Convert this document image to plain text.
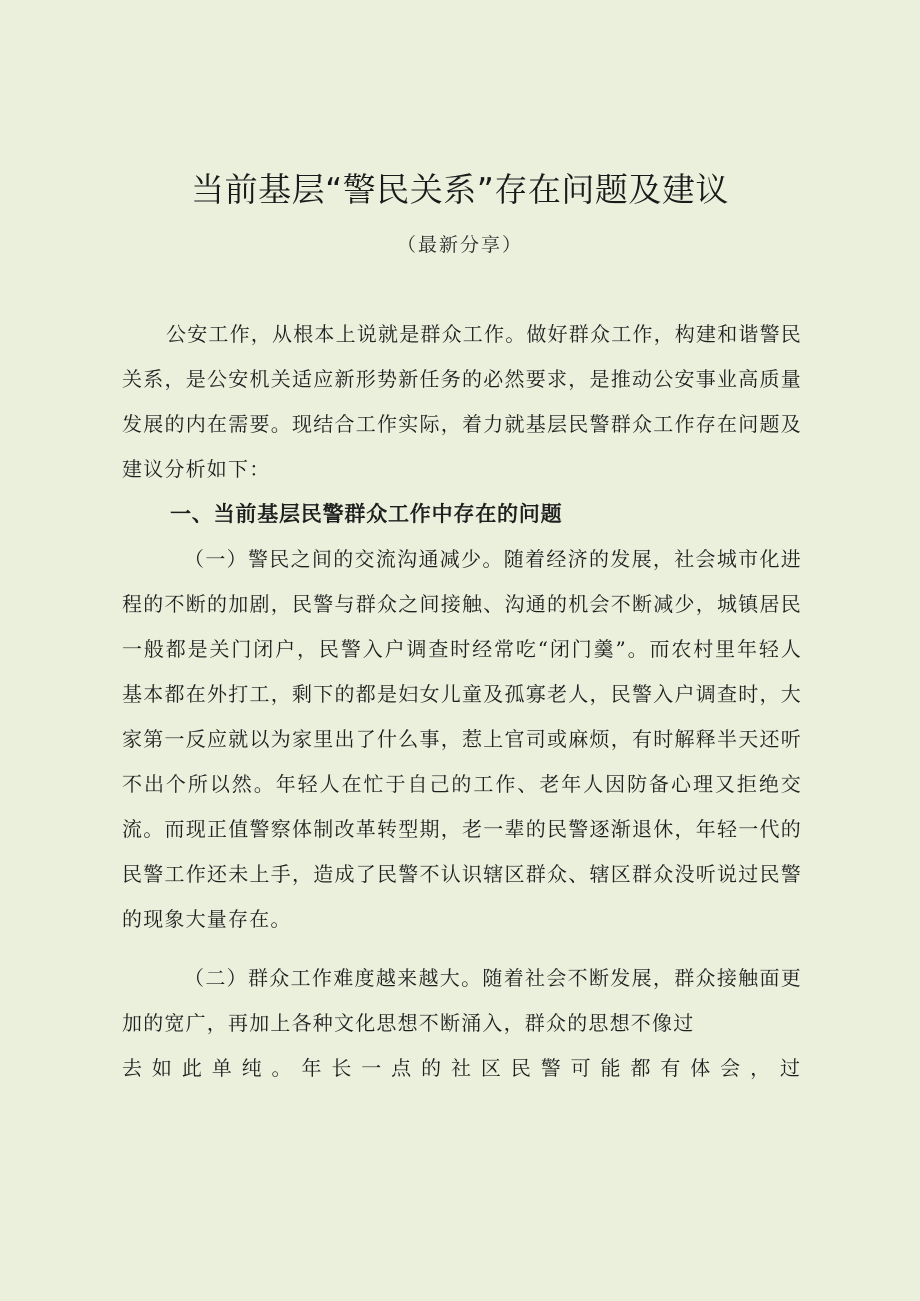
当前基层“警民关系”存在问题及建议

（最新分享）

公安工作，从根本上说就是群众工作。做好群众工作，构建和谐警民关系，是公安机关适应新形势新任务的必然要求，是推动公安事业高质量发展的内在需要。现结合工作实际，着力就基层民警群众工作存在问题及建议分析如下：

一、当前基层民警群众工作中存在的问题

（一）警民之间的交流沟通减少。随着经济的发展，社会城市化进程的不断的加剧，民警与群众之间接触、沟通的机会不断减少，城镇居民一般都是关门闭户，民警入户调查时经常吃“闭门羹”。而农村里年轻人基本都在外打工，剩下的都是妇女儿童及孤寡老人，民警入户调查时，大家第一反应就以为家里出了什么事，惹上官司或麻烦，有时解释半天还听不出个所以然。年轻人在忙于自己的工作、老年人因防备心理又拒绝交流。而现正值警察体制改革转型期，老一辈的民警逐渐退休，年轻一代的民警工作还未上手，造成了民警不认识辖区群众、辖区群众没听说过民警的现象大量存在。

（二）群众工作难度越来越大。随着社会不断发展，群众接触面更加的宽广，再加上各种文化思想不断涌入，群众的思想不像过

去如此单纯。年长一点的社区民警可能都有体会，过
